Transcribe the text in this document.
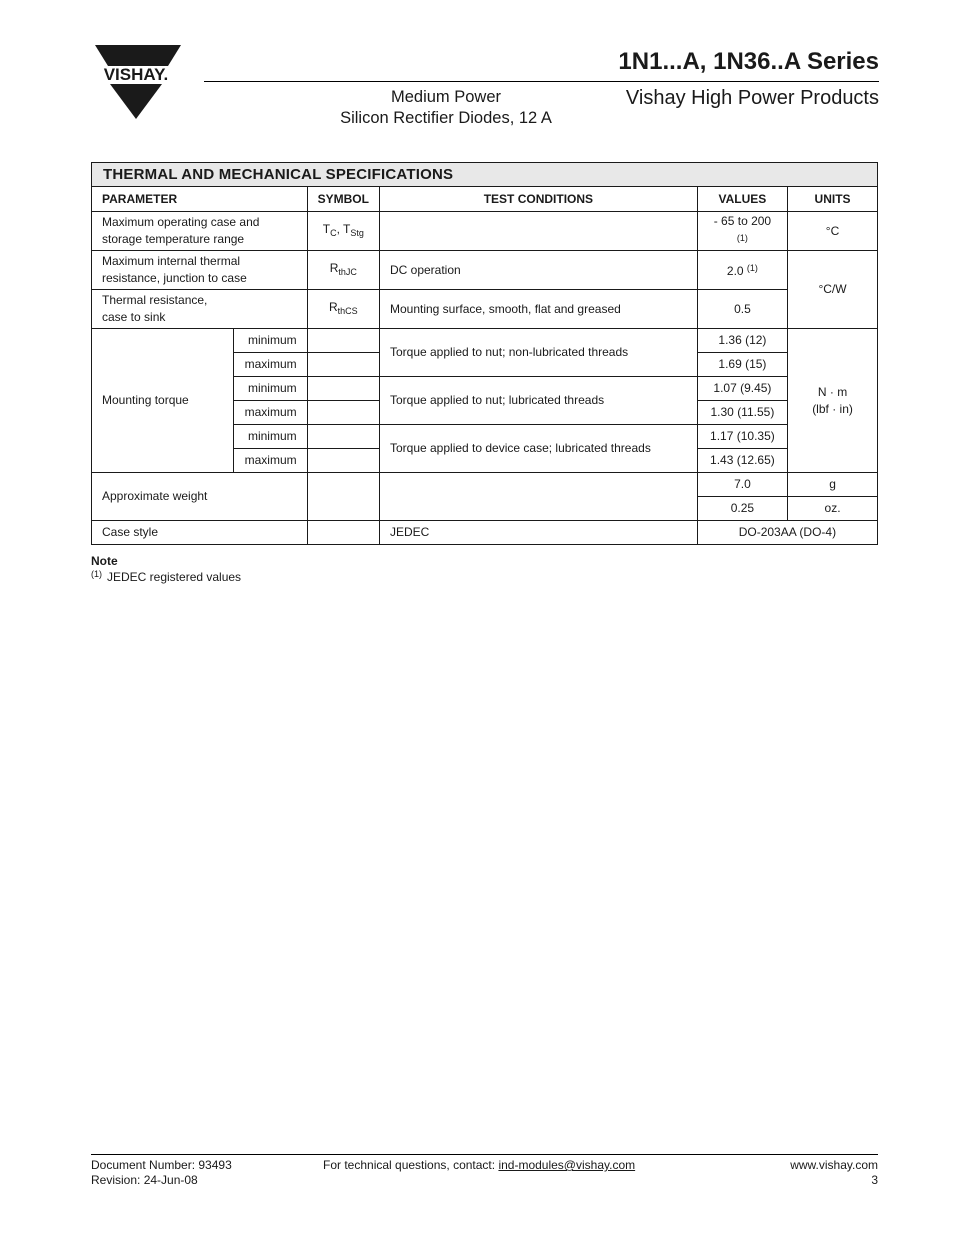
VISHAY.	1N1...A, 1N36..A Series
Medium Power
Silicon Rectifier Diodes, 12 A
Vishay High Power Products
THERMAL AND MECHANICAL SPECIFICATIONS					
PARAMETER		SYMBOL	TEST CONDITIONS	VALUES	UNITS

Maximum operating case and
storage temperature range		$T_C$, $T_{Stg}$		- 65 to 200 $^{(1)}$	°C

Maximum internal thermal
resistance, junction to case		$R_{thJC}$	DC operation	2.0 $^{(1)}$	°C/W

Thermal resistance,
case to sink		$R_{thCS}$	Mounting surface, smooth, flat and greased	0.5	
Mounting torque	minimum		Torque applied to nut; non-lubricated threads	1.36 (12)	N · m
(lbf · in)

	maximum			1.69 (15)	
	minimum		Torque applied to nut; lubricated threads	1.07 (9.45)	
	maximum			1.30 (11.55)	
	minimum		Torque applied to device case; lubricated threads	1.17 (10.35)	
	maximum			1.43 (12.65)	
Approximate weight				7.0	g
				0.25	oz.
Case style			JEDEC	DO-203AA (DO-4)	
Note
$^{(1)}$ JEDEC registered values
Document Number: 93493
Revision: 24-Jun-08
For technical questions, contact: ind-modules@vishay.com	www.vishay.com
3
